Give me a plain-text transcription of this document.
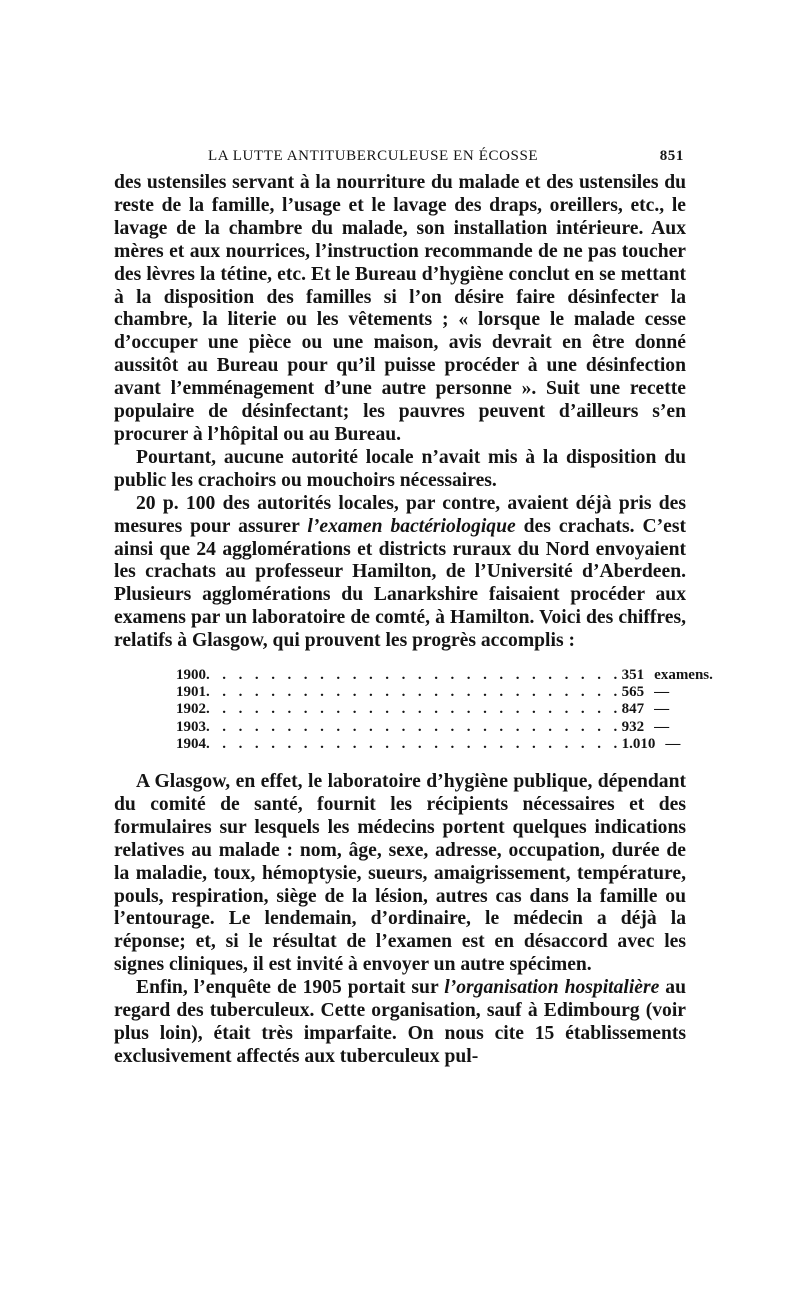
LA LUTTE ANTITUBERCULEUSE EN ÉCOSSE	851

des ustensiles servant à la nourriture du malade et des ustensiles du reste de la famille, l’usage et le lavage des draps, oreillers, etc., le lavage de la chambre du malade, son installation intérieure. Aux mères et aux nourrices, l’instruction recommande de ne pas toucher des lèvres la tétine, etc. Et le Bureau d’hygiène conclut en se mettant à la disposition des familles si l’on désire faire désinfecter la chambre, la literie ou les vêtements ; « lorsque le malade cesse d’occuper une pièce ou une maison, avis devrait en être donné aussitôt au Bureau pour qu’il puisse procéder à une désinfection avant l’emménagement d’une autre personne ». Suit une recette populaire de désinfectant; les pauvres peuvent d’ailleurs s’en procurer à l’hôpital ou au Bureau.

Pourtant, aucune autorité locale n’avait mis à la disposition du public les crachoirs ou mouchoirs nécessaires.

20 p. 100 des autorités locales, par contre, avaient déjà pris des mesures pour assurer l’examen bactériologique des crachats. C’est ainsi que 24 agglomérations et districts ruraux du Nord envoyaient les crachats au professeur Hamilton, de l’Université d’Aberdeen. Plusieurs agglomérations du Lanarkshire faisaient procéder aux examens par un laboratoire de comté, à Hamilton. Voici des chiffres, relatifs à Glasgow, qui prouvent les progrès accomplis :

1900 . . . . . . . . . . . . . . . . . . . . . . . . . . 351 examens.
1901 . . . . . . . . . . . . . . . . . . . . . . . . . . 565 —
1902 . . . . . . . . . . . . . . . . . . . . . . . . . . 847 —
1903 . . . . . . . . . . . . . . . . . . . . . . . . . . 932 —
1904 . . . . . . . . . . . . . . . . . . . . . . . . . . 1.010 —

A Glasgow, en effet, le laboratoire d’hygiène publique, dépendant du comité de santé, fournit les récipients nécessaires et des formulaires sur lesquels les médecins portent quelques indications relatives au malade : nom, âge, sexe, adresse, occupation, durée de la maladie, toux, hémoptysie, sueurs, amaigrissement, température, pouls, respiration, siège de la lésion, autres cas dans la famille ou l’entourage. Le lendemain, d’ordinaire, le médecin a déjà la réponse; et, si le résultat de l’examen est en désaccord avec les signes cliniques, il est invité à envoyer un autre spécimen.

Enfin, l’enquête de 1905 portait sur l’organisation hospitalière au regard des tuberculeux. Cette organisation, sauf à Edimbourg (voir plus loin), était très imparfaite. On nous cite 15 établissements exclusivement affectés aux tuberculeux pul-
